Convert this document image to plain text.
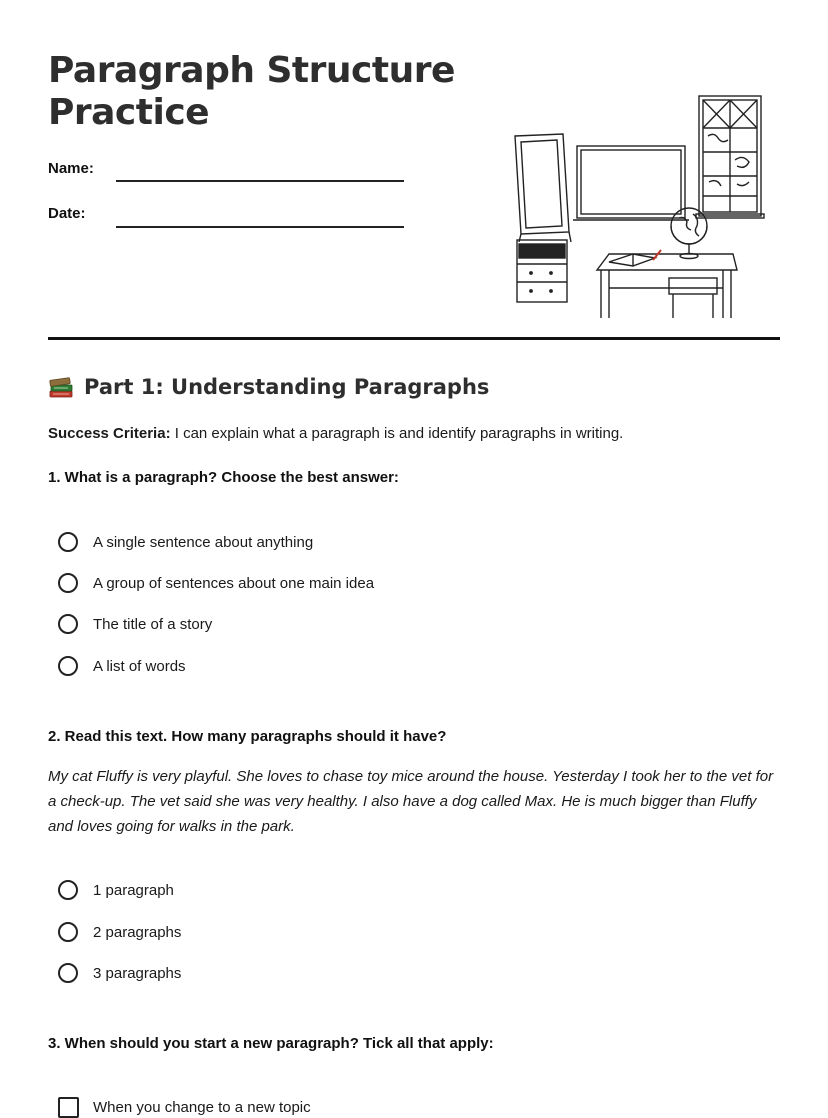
Paragraph Structure Practice
Name:
Date:
Part 1: Understanding Paragraphs
Success Criteria: I can explain what a paragraph is and identify paragraphs in writing.
1. What is a paragraph? Choose the best answer:
A single sentence about anything
A group of sentences about one main idea
The title of a story
A list of words
2. Read this text. How many paragraphs should it have?
My cat Fluffy is very playful. She loves to chase toy mice around the house. Yesterday I took her to the vet for a check-up. The vet said she was very healthy. I also have a dog called Max. He is much bigger than Fluffy and loves going for walks in the park.
1 paragraph
2 paragraphs
3 paragraphs
3. When should you start a new paragraph? Tick all that apply:
When you change to a new topic
